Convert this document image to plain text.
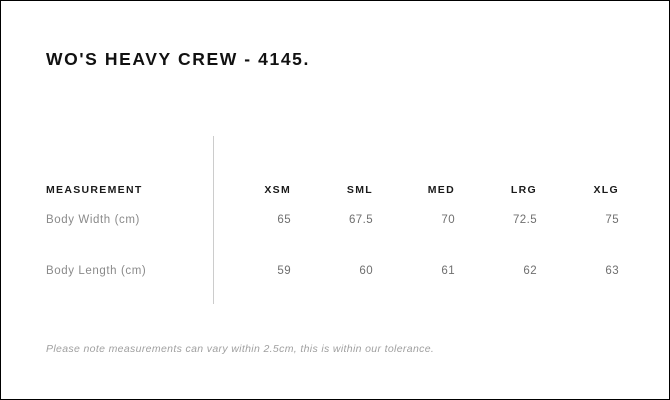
WO'S HEAVY CREW - 4145.
MEASUREMENT	XSM	SML	MED	LRG	XLG
Body Width (cm)	65	67.5	70	72.5	75
Body Length (cm)	59	60	61	62	63
Please note measurements can vary within 2.5cm, this is within our tolerance.
